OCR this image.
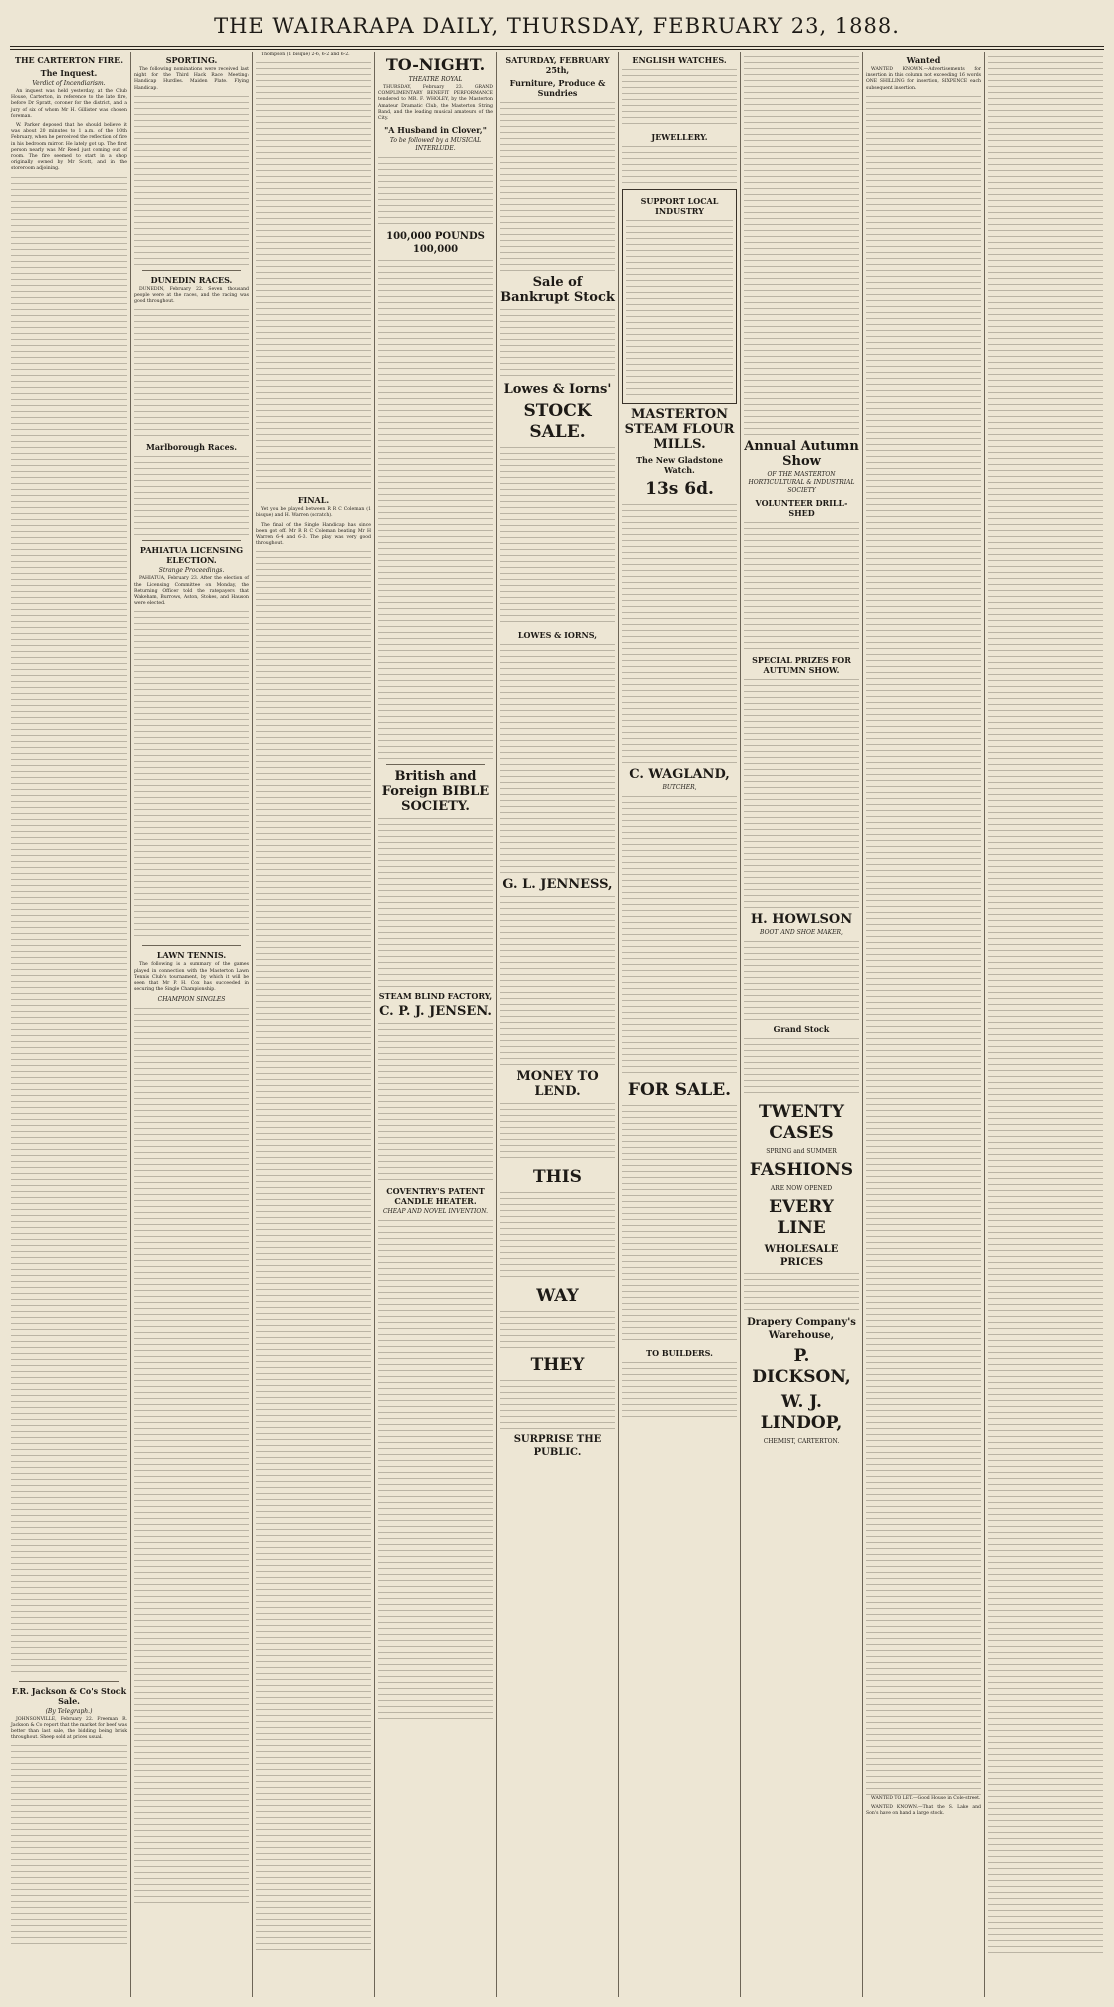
THE WAIRARAPA DAILY, THURSDAY, FEBRUARY 23, 1888.
THE CARTERTON FIRE.
The Inquest.
Verdict of Incendiarism.
An inquest was held yesterday, at the Club House, Carterton, in reference to the late fire, before Dr Spratt, coroner for the district, and a jury of six of whom Mr H. Gillister was chosen foreman.
W. Parker deposed that he should believe it was about 20 minutes to 1 a.m. of the 10th February, when he perceived the reflection of fire in his bedroom mirror. He lately got up. The first person nearly was Mr Reed just coming out of room. The fire seemed to start in a shop originally owned by Mr Scott, and in the storeroom adjoining.
F.R. Jackson & Co's Stock Sale.
(By Telegraph.)
JOHNSONVILLE, February 22. Freeman R. Jackson & Co report that the market for beef was better than last sale, the bidding being brisk throughout. Sheep sold at prices usual.
SPORTING.
The following nominations were received last night for the Third Hack Race Meeting: Handicap Hurdles. Maiden Plate. Flying Handicap.
DUNEDIN RACES.
DUNEDIN, February 22. Seven thousand people were at the races, and the racing was good throughout.
Marlborough Races.
PAHIATUA LICENSING ELECTION.
Strange Proceedings.
PAHIATUA, February 23. After the election of the Licensing Committee on Monday, the Returning Officer told the ratepayers that Wakeham, Burrows, Aston, Stokes, and Hauson were elected.
LAWN TENNIS.
The following is a summary of the games played in connection with the Masterton Lawn Tennis Club's tournament, by which it will be seen that Mr P. H. Cox has succeeded in securing the Single Championship.
CHAMPION SINGLES
Thompson (1 bisque) 2-6, 6-2 and 6-2.
FINAL.
Yet you be played between R R C Coleman (1 bisque) and H. Warren (scratch).
The final of the Single Handicap has since been got off. Mr R R C Coleman beating Mr H Warren 6-4 and 6-3. The play was very good throughout.
TO-NIGHT.
THEATRE ROYAL
THURSDAY, February 23. GRAND COMPLIMENTARY BENEFIT PERFORMANCE tendered to MR. F. WHOLEY, by the Masterton Amateur Dramatic Club, the Masterton String Band, and the leading musical amateurs of the City.
"A Husband in Clover,"
To be followed by a MUSICAL INTERLUDE.
100,000 POUNDS 100,000
British and Foreign BIBLE SOCIETY.
STEAM BLIND FACTORY,
C. P. J. JENSEN.
COVENTRY'S PATENT CANDLE HEATER.
CHEAP AND NOVEL INVENTION.
SATURDAY, FEBRUARY 25th,
Furniture, Produce & Sundries
Sale of Bankrupt Stock
Lowes & Iorns'
STOCK SALE.
LOWES & IORNS,
G. L. JENNESS,
MONEY TO LEND.
THIS
WAY
THEY
SURPRISE THE PUBLIC.
ENGLISH WATCHES.
JEWELLERY.
SUPPORT LOCAL INDUSTRY
MASTERTON STEAM FLOUR MILLS.
The New Gladstone Watch.
13s 6d.
C. WAGLAND,
BUTCHER,
FOR SALE.
TO BUILDERS.
Annual Autumn Show
OF THE MASTERTON HORTICULTURAL & INDUSTRIAL SOCIETY
VOLUNTEER DRILL-SHED
SPECIAL PRIZES FOR AUTUMN SHOW.
H. HOWLSON
BOOT AND SHOE MAKER,
Grand Stock
TWENTY CASES
SPRING and SUMMER
FASHIONS
ARE NOW OPENED
EVERY LINE
WHOLESALE PRICES
Drapery Company's Warehouse,
P. DICKSON,
W. J. LINDOP,
CHEMIST, CARTERTON.
Wanted
WANTED KNOWN.—Advertisements for insertion in this column not exceeding 16 words ONE SHILLING for insertion, SIXPENCE each subsequent insertion.
WANTED TO LET.—Good House in Cole-street.
WANTED KNOWN.—That the S. Lake and Son's have on hand a large stock.
